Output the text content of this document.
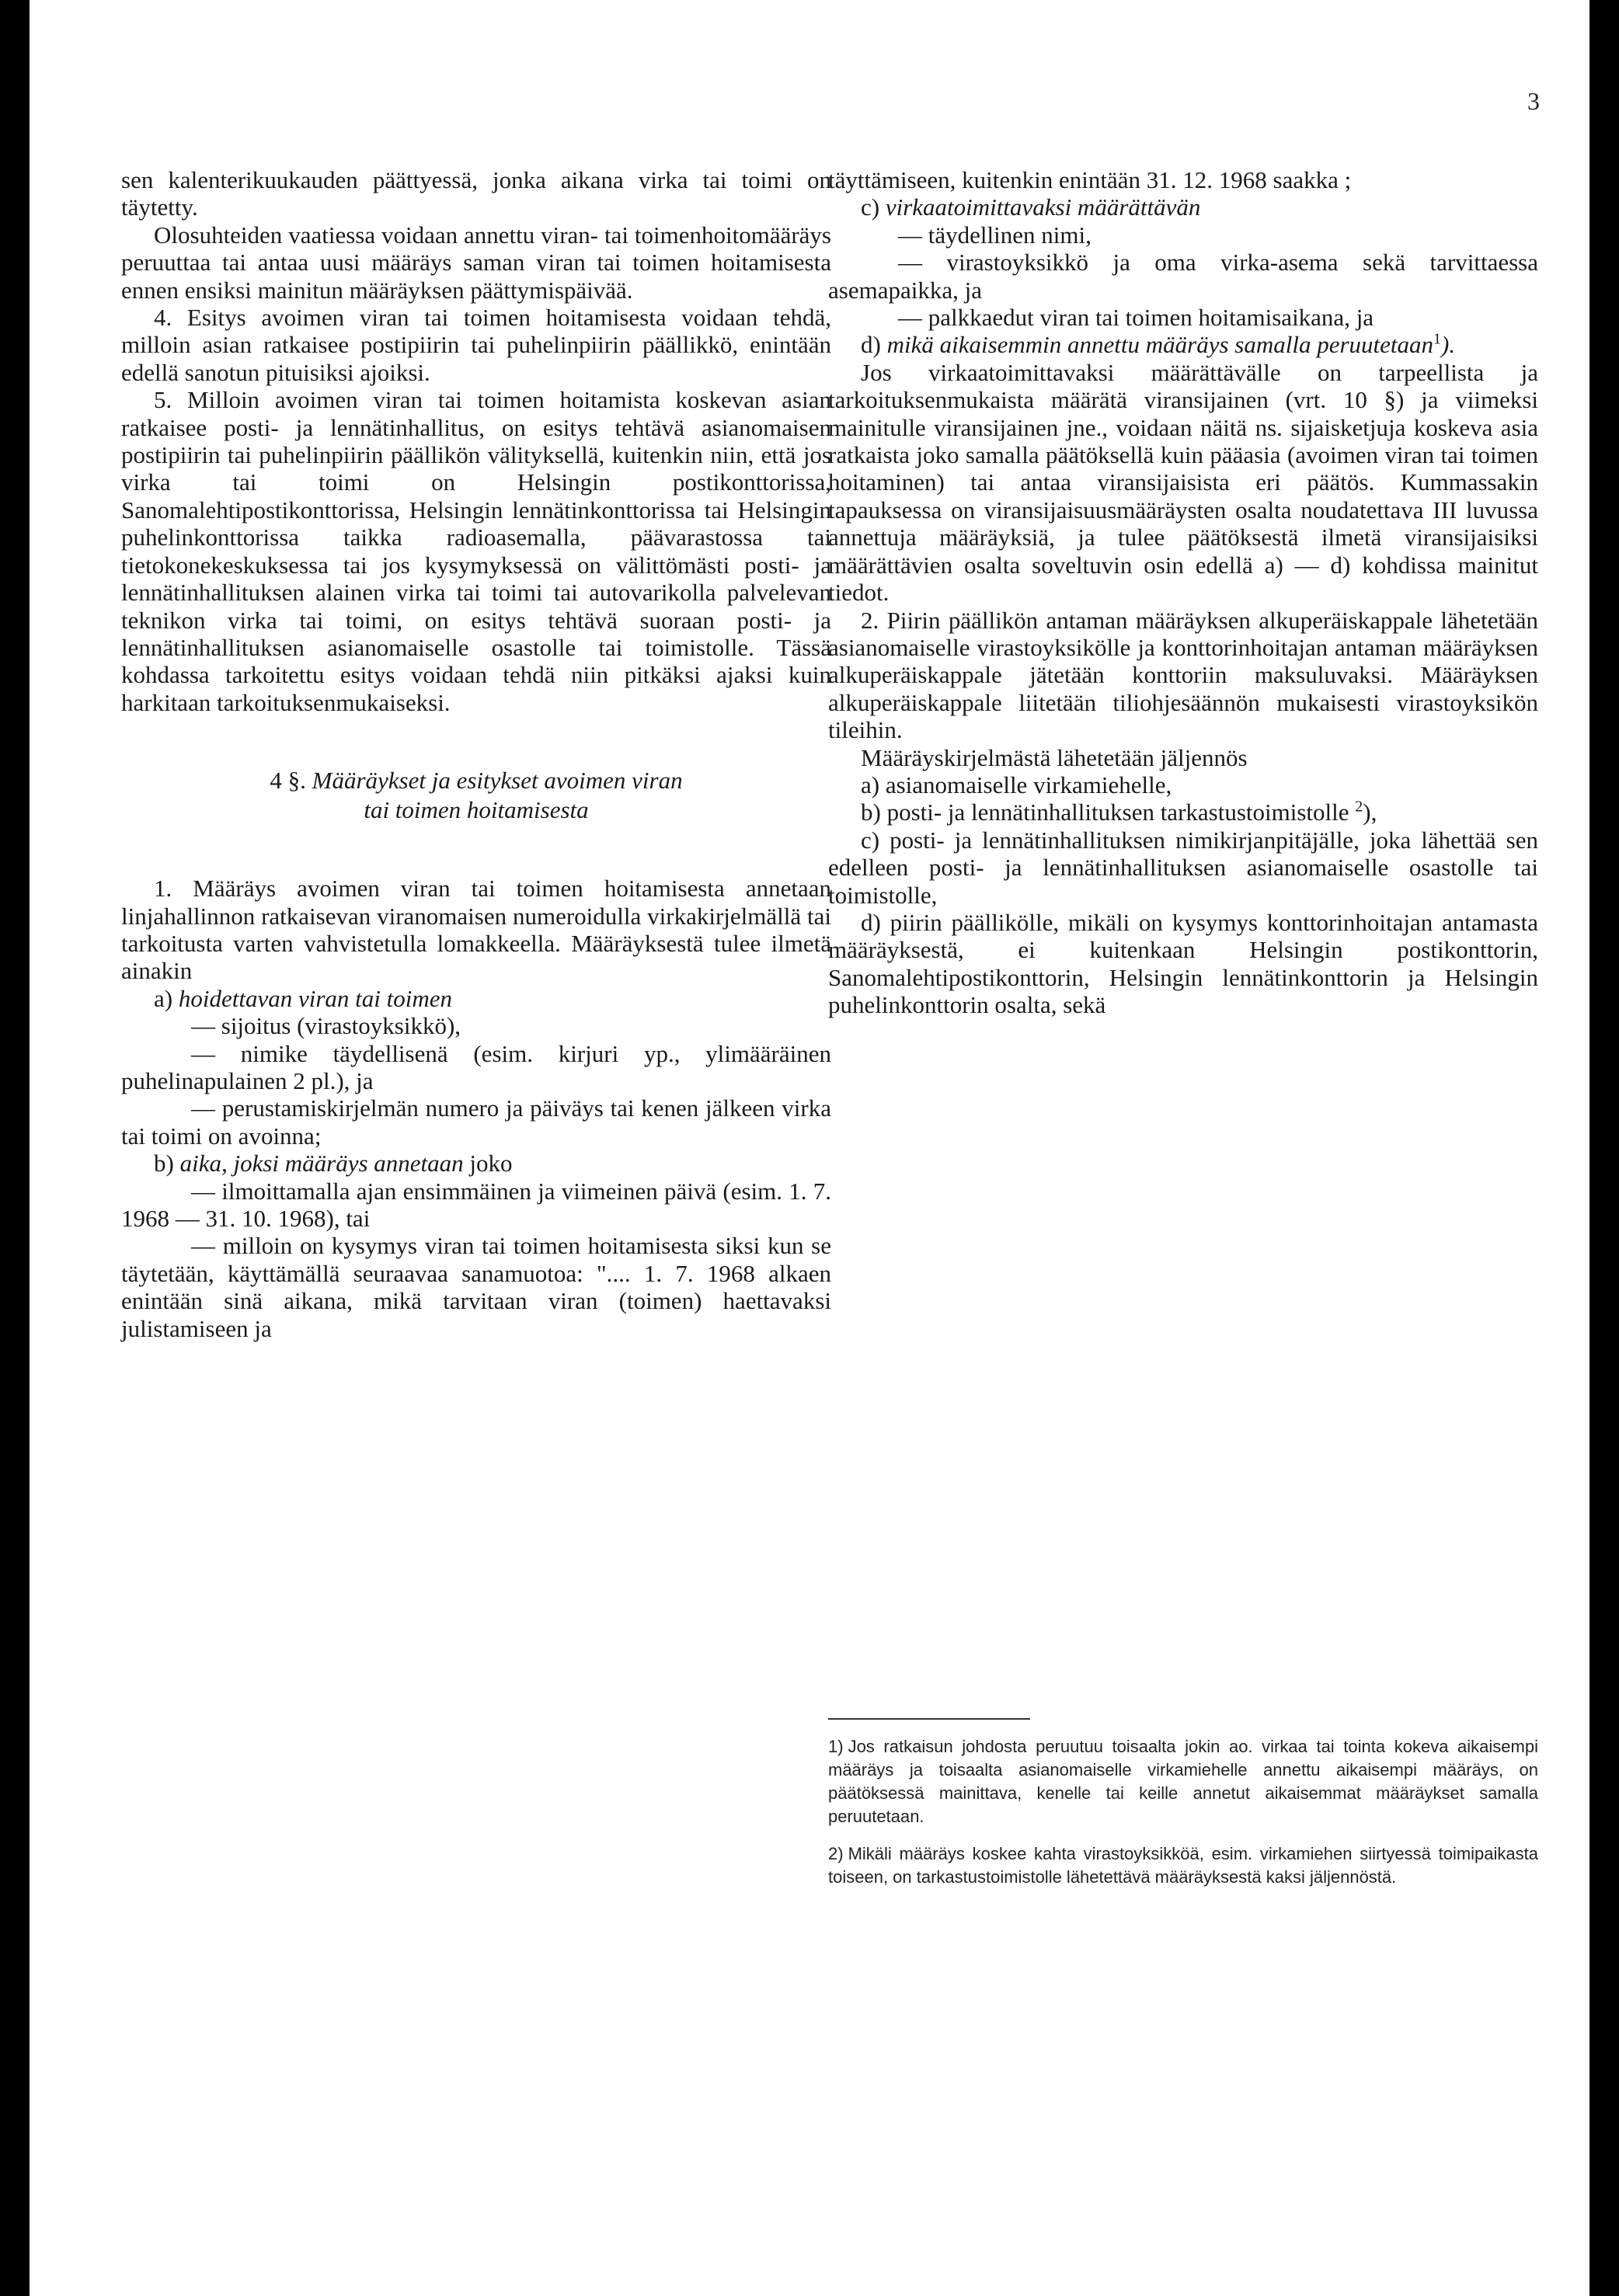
3

sen kalenterikuukauden päättyessä, jonka aikana virka tai toimi on täytetty.

Olosuhteiden vaatiessa voidaan annettu viran- tai toimenhoitomääräys peruuttaa tai antaa uusi määräys saman viran tai toimen hoitamisesta ennen ensiksi mainitun määräyksen päättymispäivää.

4. Esitys avoimen viran tai toimen hoitamisesta voidaan tehdä, milloin asian ratkaisee postipiirin tai puhelinpiirin päällikkö, enintään edellä sanotun pituisiksi ajoiksi.

5. Milloin avoimen viran tai toimen hoitamista koskevan asian ratkaisee posti- ja lennätinhallitus, on esitys tehtävä asianomaisen postipiirin tai puhelinpiirin päällikön välityksellä, kuitenkin niin, että jos virka tai toimi on Helsingin postikonttorissa, Sanomalehtipostikonttorissa, Helsingin lennätinkonttorissa tai Helsingin puhelinkonttorissa taikka radioasemalla, päävarastossa tai tietokonekeskuksessa tai jos kysymyksessä on välittömästi posti- ja lennätinhallituksen alainen virka tai toimi tai autovarikolla palvelevan teknikon virka tai toimi, on esitys tehtävä suoraan posti- ja lennätinhallituksen asianomaiselle osastolle tai toimistolle. Tässä kohdassa tarkoitettu esitys voidaan tehdä niin pitkäksi ajaksi kuin harkitaan tarkoituksenmukaiseksi.

4 §. Määräykset ja esitykset avoimen viran
tai toimen hoitamisesta

1. Määräys avoimen viran tai toimen hoitamisesta annetaan linjahallinnon ratkaisevan viranomaisen numeroidulla virkakirjelmällä tai tarkoitusta varten vahvistetulla lomakkeella. Määräyksestä tulee ilmetä ainakin

a) hoidettavan viran tai toimen

— sijoitus (virastoyksikkö),

— nimike täydellisenä (esim. kirjuri yp., ylimääräinen puhelinapulainen 2 pl.), ja

— perustamiskirjelmän numero ja päiväys tai kenen jälkeen virka tai toimi on avoinna;

b) aika, joksi määräys annetaan joko

— ilmoittamalla ajan ensimmäinen ja viimeinen päivä (esim. 1. 7. 1968 — 31. 10. 1968), tai

— milloin on kysymys viran tai toimen hoitamisesta siksi kun se täytetään, käyttämällä seuraavaa sanamuotoa: ".... 1. 7. 1968 alkaen enintään sinä aikana, mikä tarvitaan viran (toimen) haettavaksi julistamiseen ja

täyttämiseen, kuitenkin enintään 31. 12. 1968 saakka ;

c) virkaatoimittavaksi määrättävän

— täydellinen nimi,

— virastoyksikkö ja oma virka-asema sekä tarvittaessa asemapaikka, ja

— palkkaedut viran tai toimen hoitamisaikana, ja

d) mikä aikaisemmin annettu määräys samalla peruutetaan$^1$).

Jos virkaatoimittavaksi määrättävälle on tarpeellista ja tarkoituksenmukaista määrätä viransijainen (vrt. 10 §) ja viimeksi mainitulle viransijainen jne., voidaan näitä ns. sijaisketjuja koskeva asia ratkaista joko samalla päätöksellä kuin pääasia (avoimen viran tai toimen hoitaminen) tai antaa viransijaisista eri päätös. Kummassakin tapauksessa on viransijaisuusmääräysten osalta noudatettava III luvussa annettuja määräyksiä, ja tulee päätöksestä ilmetä viransijaisiksi määrättävien osalta soveltuvin osin edellä a) — d) kohdissa mainitut tiedot.

2. Piirin päällikön antaman määräyksen alkuperäiskappale lähetetään asianomaiselle virastoyksikölle ja konttorinhoitajan antaman määräyksen alkuperäiskappale jätetään konttoriin maksuluvaksi. Määräyksen alkuperäiskappale liitetään tiliohjesäännön mukaisesti virastoyksikön tileihin.

Määräyskirjelmästä lähetetään jäljennös

a) asianomaiselle virkamiehelle,

b) posti- ja lennätinhallituksen tarkastustoimistolle $^2$),

c) posti- ja lennätinhallituksen nimikirjanpitäjälle, joka lähettää sen edelleen posti- ja lennätinhallituksen asianomaiselle osastolle tai toimistolle,

d) piirin päällikölle, mikäli on kysymys konttorinhoitajan antamasta määräyksestä, ei kuitenkaan Helsingin postikonttorin, Sanomalehtipostikonttorin, Helsingin lennätinkonttorin ja Helsingin puhelinkonttorin osalta, sekä

1) Jos ratkaisun johdosta peruutuu toisaalta jokin ao. virkaa tai tointa kokeva aikaisempi määräys ja toisaalta asianomaiselle virkamiehelle annettu aikaisempi määräys, on päätöksessä mainittava, kenelle tai keille annetut aikaisemmat määräykset samalla peruutetaan.

2) Mikäli määräys koskee kahta virastoyksikköä, esim. virkamiehen siirtyessä toimipaikasta toiseen, on tarkastustoimistolle lähetettävä määräyksestä kaksi jäljennöstä.
